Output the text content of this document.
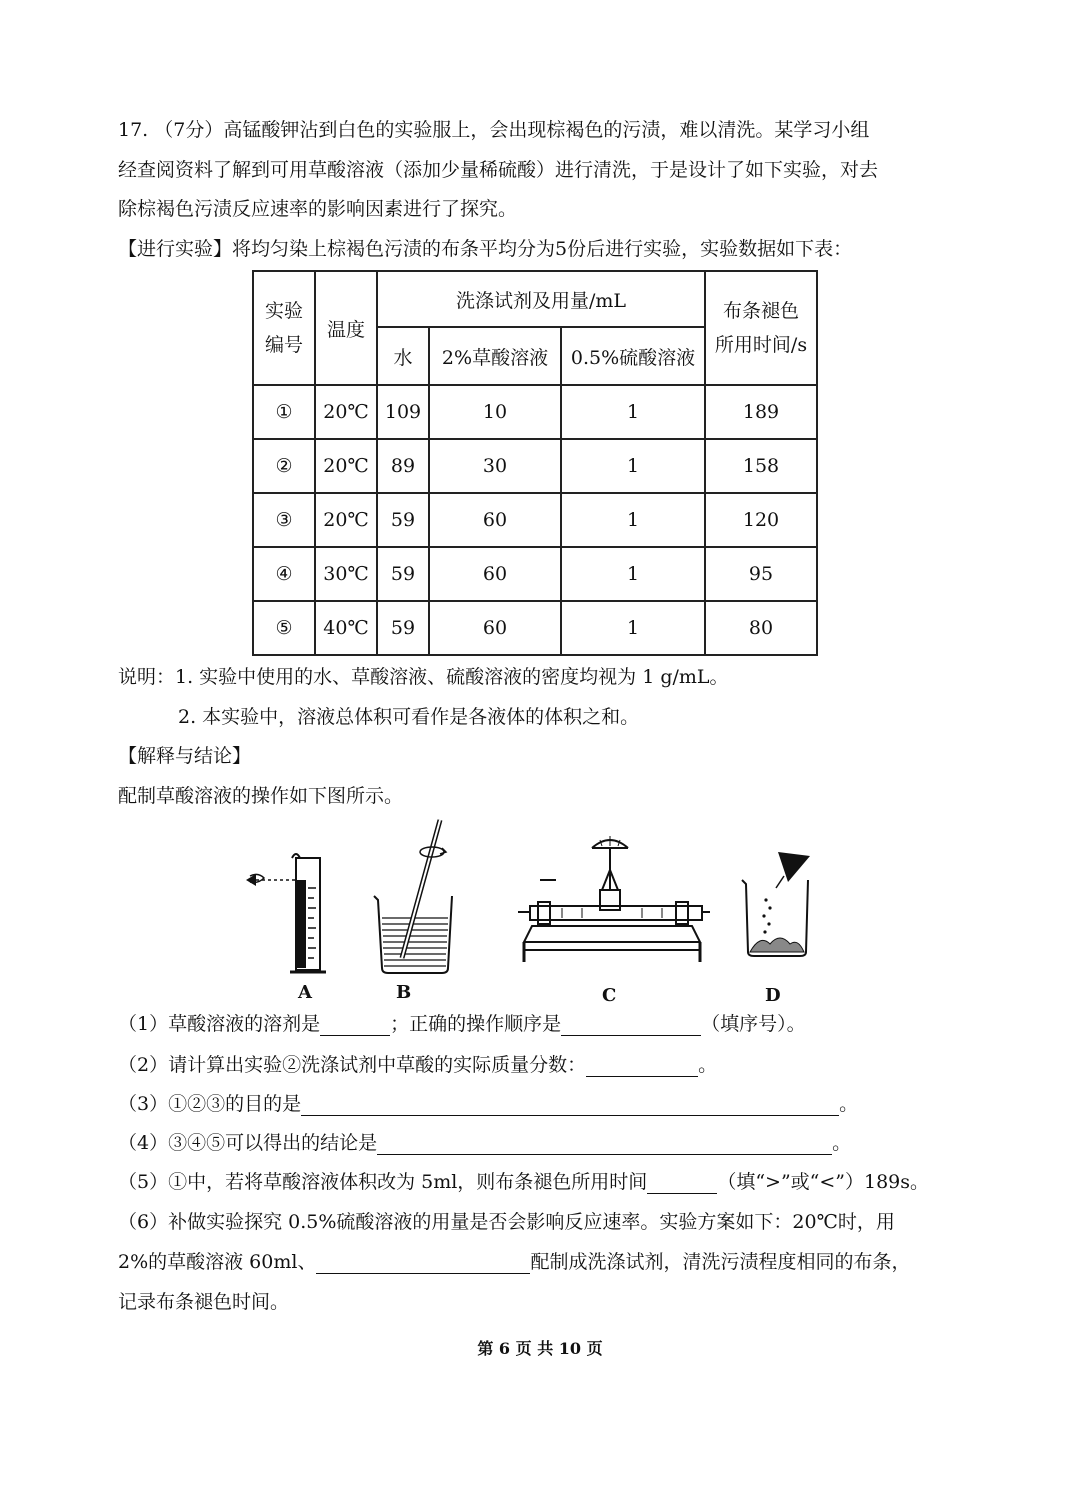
17. （7分）高锰酸钾沾到白色的实验服上，会出现棕褐色的污渍，难以清洗。某学习小组
经查阅资料了解到可用草酸溶液（添加少量稀硫酸）进行清洗，于是设计了如下实验，对去
除棕褐色污渍反应速率的影响因素进行了探究。
【进行实验】将均匀染上棕褐色污渍的布条平均分为5份后进行实验，实验数据如下表：
实验
编号	温度	洗涤试剂及用量/mL			布条褪色
所用时间/s
		水	2%草酸溶液	0.5%硫酸溶液	
①	20℃	109	10	1	189
②	20℃	89	30	1	158
③	20℃	59	60	1	120
④	30℃	59	60	1	95
⑤	40℃	59	60	1	80
说明：1. 实验中使用的水、草酸溶液、硫酸溶液的密度均视为 1 g/mL。
2. 本实验中，溶液总体积可看作是各液体的体积之和。
【解释与结论】
配制草酸溶液的操作如下图所示。
A	B	C	D
（1）草酸溶液的溶剂是	；正确的操作顺序是	（填序号）。
（2）请计算出实验②洗涤试剂中草酸的实际质量分数：	。
（3）①②③的目的是	。
（4）③④⑤可以得出的结论是	。
（5）①中，若将草酸溶液体积改为 5ml，则布条褪色所用时间	（填“>”或“<”）189s。
（6）补做实验探究 0.5%硫酸溶液的用量是否会影响反应速率。实验方案如下：20℃时，用
2%的草酸溶液 60ml、	配制成洗涤试剂，清洗污渍程度相同的布条，
记录布条褪色时间。
第 6 页 共 10 页
